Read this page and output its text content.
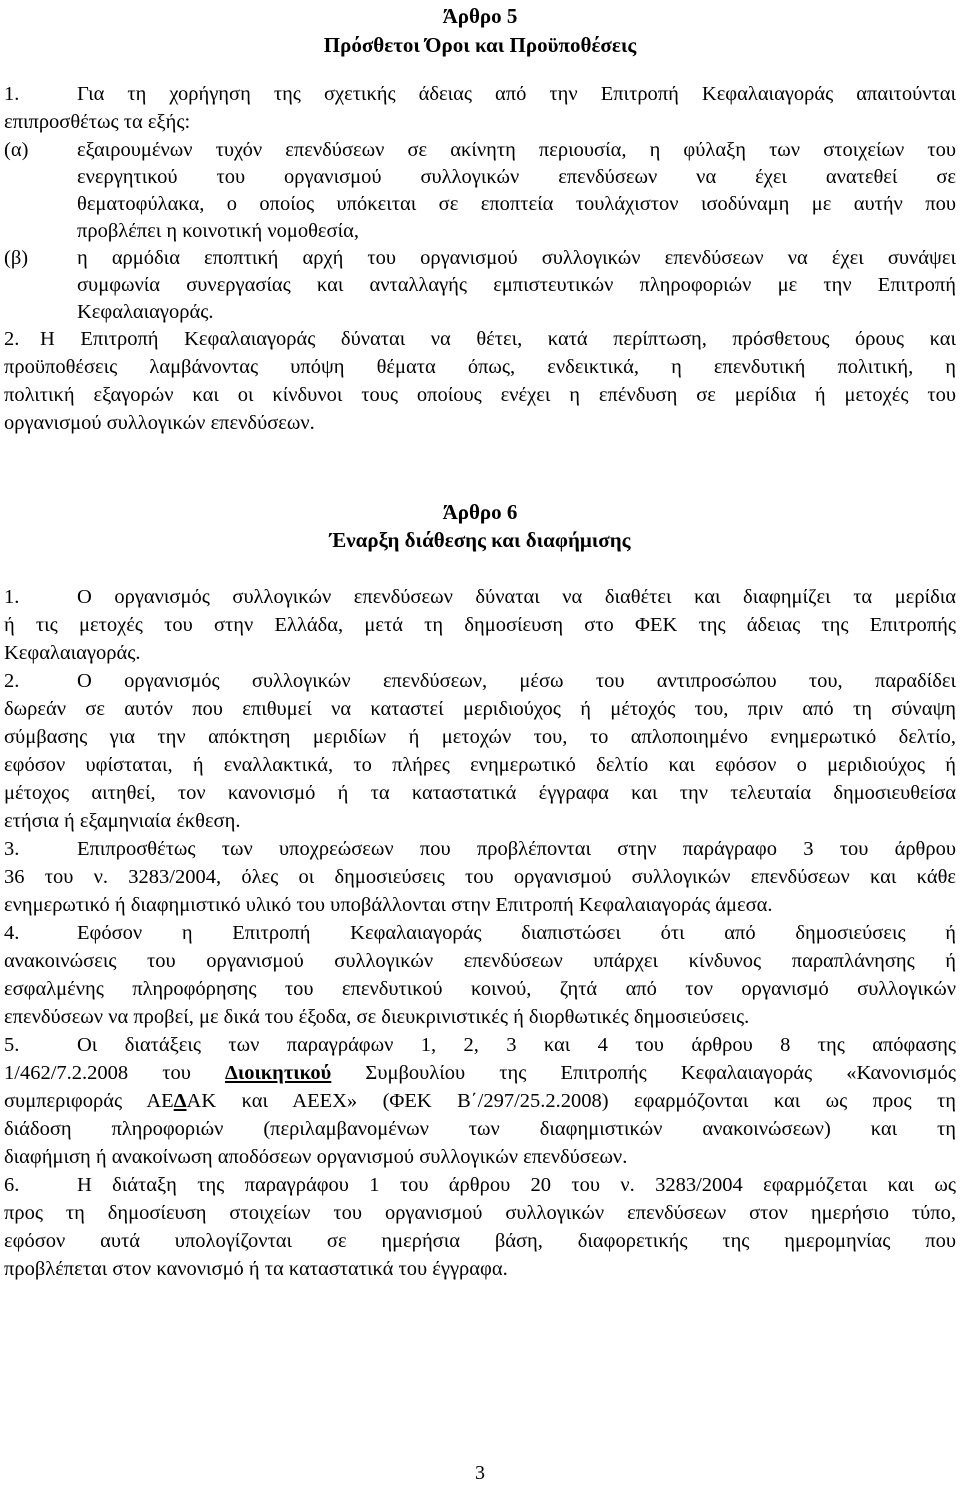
Άρθρο 5
Πρόσθετοι Όροι και Προϋποθέσεις
1.	Για τη χορήγηση της σχετικής άδειας από την Επιτροπή Κεφαλαιαγοράς απαιτούνται
επιπροσθέτως τα εξής:
(α) εξαιρουμένων τυχόν επενδύσεων σε ακίνητη περιουσία, η φύλαξη των στοιχείων του
ενεργητικού του οργανισμού συλλογικών επενδύσεων να έχει ανατεθεί σε
θεματοφύλακα, ο οποίος υπόκειται σε εποπτεία τουλάχιστον ισοδύναμη με αυτήν που
προβλέπει η κοινοτική νομοθεσία,
(β) η αρμόδια εποπτική αρχή του οργανισμού συλλογικών επενδύσεων να έχει συνάψει
συμφωνία συνεργασίας και ανταλλαγής εμπιστευτικών πληροφοριών με την Επιτροπή
Κεφαλαιαγοράς.
2. Η Επιτροπή Κεφαλαιαγοράς δύναται να θέτει, κατά περίπτωση, πρόσθετους όρους και
προϋποθέσεις λαμβάνοντας υπόψη θέματα όπως, ενδεικτικά, η επενδυτική πολιτική, η
πολιτική εξαγορών και οι κίνδυνοι τους οποίους ενέχει η επένδυση σε μερίδια ή μετοχές του
οργανισμού συλλογικών επενδύσεων.
Άρθρο 6
Έναρξη διάθεσης και διαφήμισης
1.	Ο οργανισμός συλλογικών επενδύσεων δύναται να διαθέτει και διαφημίζει τα μερίδια
ή τις μετοχές του στην Ελλάδα, μετά τη δημοσίευση στο ΦΕΚ της άδειας της Επιτροπής
Κεφαλαιαγοράς.
2.	Ο οργανισμός συλλογικών επενδύσεων, μέσω του αντιπροσώπου του, παραδίδει
δωρεάν σε αυτόν που επιθυμεί να καταστεί μεριδιούχος ή μέτοχός του, πριν από τη σύναψη
σύμβασης για την απόκτηση μεριδίων ή μετοχών του, το απλοποιημένο ενημερωτικό δελτίο,
εφόσον υφίσταται, ή εναλλακτικά, το πλήρες ενημερωτικό δελτίο και εφόσον ο μεριδιούχος ή
μέτοχος αιτηθεί, τον κανονισμό ή τα καταστατικά έγγραφα και την τελευταία δημοσιευθείσα
ετήσια ή εξαμηνιαία έκθεση.
3.	Επιπροσθέτως των υποχρεώσεων που προβλέπονται στην παράγραφο 3 του άρθρου
36 του ν. 3283/2004, όλες οι δημοσιεύσεις του οργανισμού συλλογικών επενδύσεων και κάθε
ενημερωτικό ή διαφημιστικό υλικό του υποβάλλονται στην Επιτροπή Κεφαλαιαγοράς άμεσα.
4.	Εφόσον η Επιτροπή Κεφαλαιαγοράς διαπιστώσει ότι από δημοσιεύσεις ή
ανακοινώσεις του οργανισμού συλλογικών επενδύσεων υπάρχει κίνδυνος παραπλάνησης ή
εσφαλμένης πληροφόρησης του επενδυτικού κοινού, ζητά από τον οργανισμό συλλογικών
επενδύσεων να προβεί, με δικά του έξοδα, σε διευκρινιστικές ή διορθωτικές δημοσιεύσεις.
5.	Οι διατάξεις των παραγράφων 1, 2, 3 και 4 του άρθρου 8 της απόφασης
1/462/7.2.2008 του Διοικητικού Συμβουλίου της Επιτροπής Κεφαλαιαγοράς «Κανονισμός
συμπεριφοράς ΑΕΔΑΚ και ΑΕΕΧ» (ΦΕΚ Β΄/297/25.2.2008) εφαρμόζονται και ως προς τη
διάδοση πληροφοριών (περιλαμβανομένων των διαφημιστικών ανακοινώσεων) και τη
διαφήμιση ή ανακοίνωση αποδόσεων οργανισμού συλλογικών επενδύσεων.
6.	Η διάταξη της παραγράφου 1 του άρθρου 20 του ν. 3283/2004 εφαρμόζεται και ως
προς τη δημοσίευση στοιχείων του οργανισμού συλλογικών επενδύσεων στον ημερήσιο τύπο,
εφόσον αυτά υπολογίζονται σε ημερήσια βάση, διαφορετικής της ημερομηνίας που
προβλέπεται στον κανονισμό ή τα καταστατικά του έγγραφα.
3
